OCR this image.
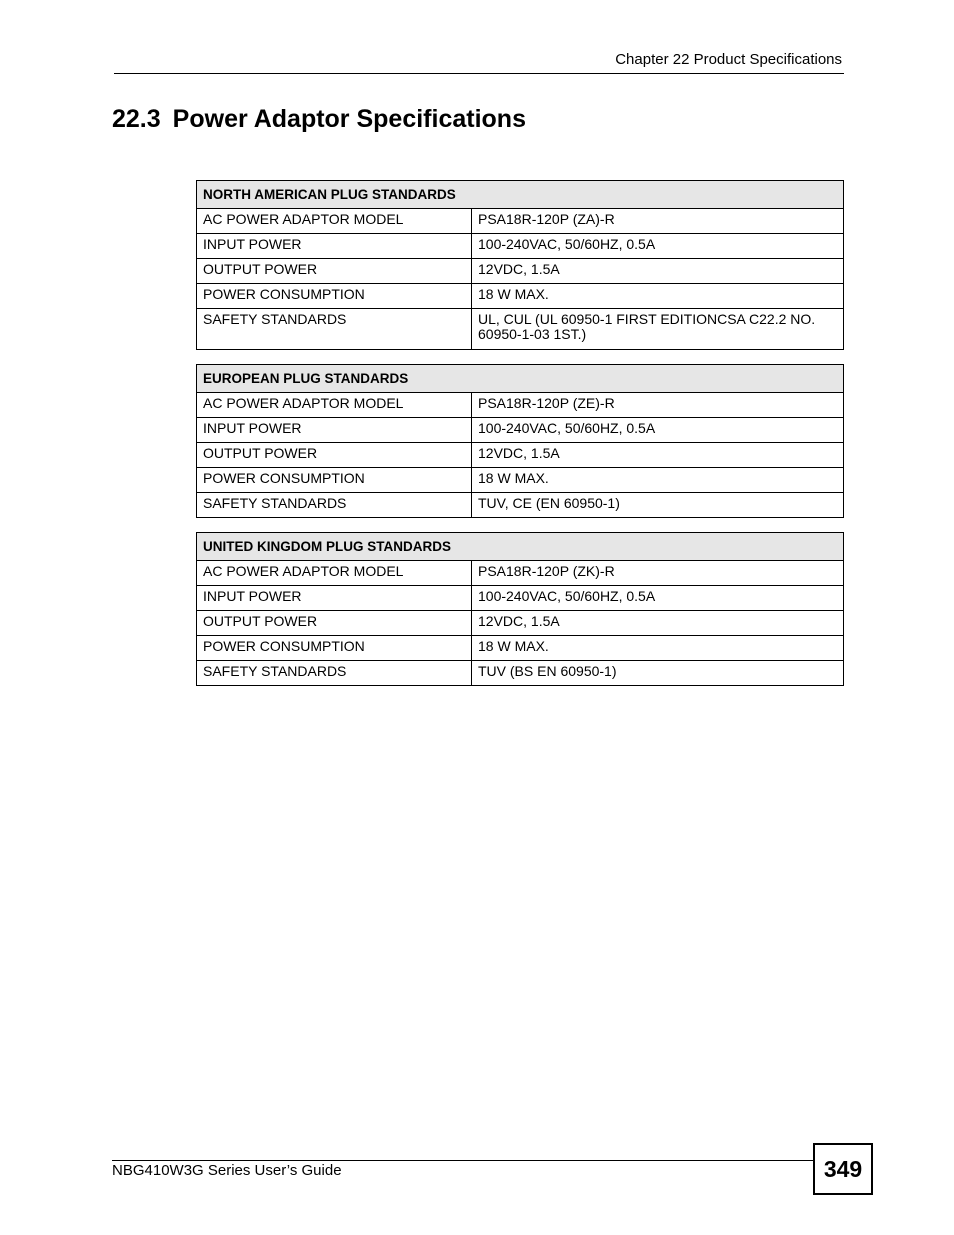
Chapter 22 Product Specifications
22.3 Power Adaptor Specifications
NORTH AMERICAN PLUG STANDARDS	
AC POWER ADAPTOR MODEL	PSA18R-120P (ZA)-R
INPUT POWER	100-240VAC, 50/60HZ, 0.5A
OUTPUT POWER	12VDC, 1.5A
POWER CONSUMPTION	18 W MAX.
SAFETY STANDARDS	UL, CUL (UL 60950-1 FIRST EDITIONCSA C22.2 NO. 60950-1-03 1ST.)
EUROPEAN PLUG STANDARDS	
AC POWER ADAPTOR MODEL	PSA18R-120P (ZE)-R
INPUT POWER	100-240VAC, 50/60HZ, 0.5A
OUTPUT POWER	12VDC, 1.5A
POWER CONSUMPTION	18 W MAX.
SAFETY STANDARDS	TUV, CE (EN 60950-1)
UNITED KINGDOM PLUG STANDARDS	
AC POWER ADAPTOR MODEL	PSA18R-120P (ZK)-R
INPUT POWER	100-240VAC, 50/60HZ, 0.5A
OUTPUT POWER	12VDC, 1.5A
POWER CONSUMPTION	18 W MAX.
SAFETY STANDARDS	TUV (BS EN 60950-1)
NBG410W3G Series User’s Guide	349
